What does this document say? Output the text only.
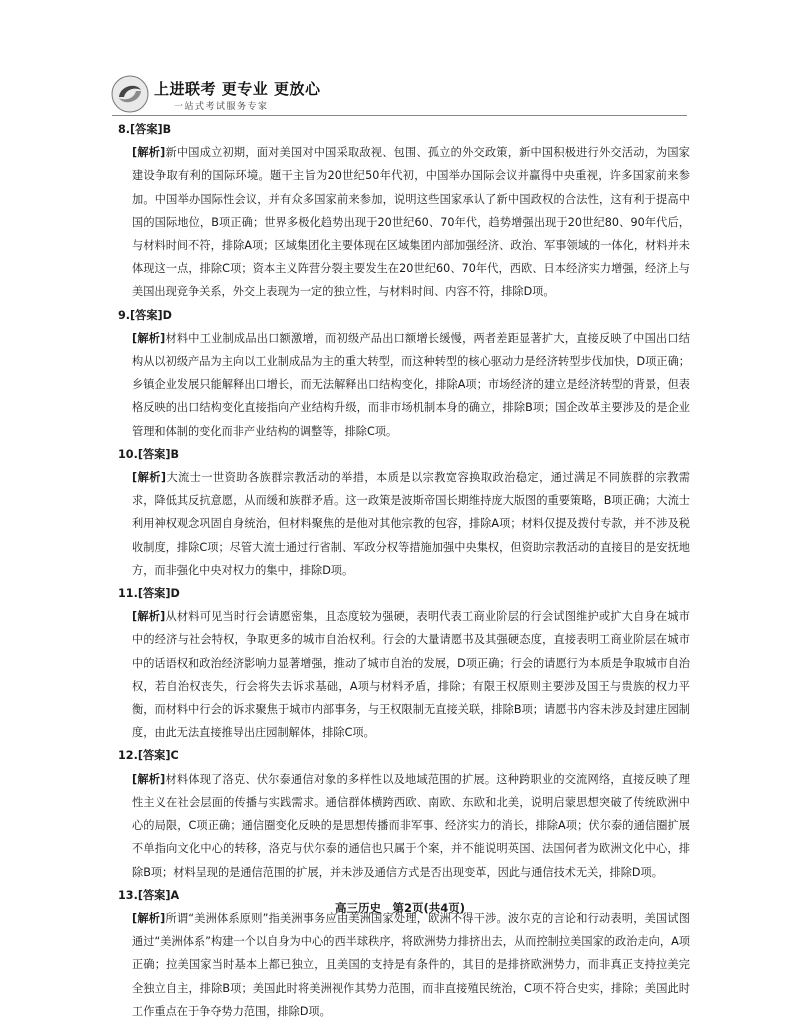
上进联考 更专业 更放心
一站式考试服务专家

8.[答案]B

[解析]新中国成立初期，面对美国对中国采取敌视、包围、孤立的外交政策，新中国积极进行外交活动，为国家建设争取有利的国际环境。题干主旨为20世纪50年代初，中国举办国际会议并赢得中央重视，许多国家前来参加。中国举办国际性会议，并有众多国家前来参加，说明这些国家承认了新中国政权的合法性，这有利于提高中国的国际地位，B项正确；世界多极化趋势出现于20世纪60、70年代，趋势增强出现于20世纪80、90年代后，与材料时间不符，排除A项；区域集团化主要体现在区域集团内部加强经济、政治、军事领域的一体化，材料并未体现这一点，排除C项；资本主义阵营分裂主要发生在20世纪60、70年代，西欧、日本经济实力增强，经济上与美国出现竞争关系，外交上表现为一定的独立性，与材料时间、内容不符，排除D项。

9.[答案]D

[解析]材料中工业制成品出口额激增，而初级产品出口额增长缓慢，两者差距显著扩大，直接反映了中国出口结构从以初级产品为主向以工业制成品为主的重大转型，而这种转型的核心驱动力是经济转型步伐加快，D项正确；乡镇企业发展只能解释出口增长，而无法解释出口结构变化，排除A项；市场经济的建立是经济转型的背景，但表格反映的出口结构变化直接指向产业结构升级，而非市场机制本身的确立，排除B项；国企改革主要涉及的是企业管理和体制的变化而非产业结构的调整等，排除C项。

10.[答案]B

[解析]大流士一世资助各族群宗教活动的举措，本质是以宗教宽容换取政治稳定，通过满足不同族群的宗教需求，降低其反抗意愿，从而缓和族群矛盾。这一政策是波斯帝国长期维持庞大版图的重要策略，B项正确；大流士利用神权观念巩固自身统治，但材料聚焦的是他对其他宗教的包容，排除A项；材料仅提及拨付专款，并不涉及税收制度，排除C项；尽管大流士通过行省制、军政分权等措施加强中央集权，但资助宗教活动的直接目的是安抚地方，而非强化中央对权力的集中，排除D项。

11.[答案]D

[解析]从材料可见当时行会请愿密集，且态度较为强硬，表明代表工商业阶层的行会试图维护或扩大自身在城市中的经济与社会特权，争取更多的城市自治权利。行会的大量请愿书及其强硬态度，直接表明工商业阶层在城市中的话语权和政治经济影响力显著增强，推动了城市自治的发展，D项正确；行会的请愿行为本质是争取城市自治权，若自治权丧失，行会将失去诉求基础，A项与材料矛盾，排除；有限王权原则主要涉及国王与贵族的权力平衡，而材料中行会的诉求聚焦于城市内部事务，与王权限制无直接关联，排除B项；请愿书内容未涉及封建庄园制度，由此无法直接推导出庄园制解体，排除C项。

12.[答案]C

[解析]材料体现了洛克、伏尔泰通信对象的多样性以及地域范围的扩展。这种跨职业的交流网络，直接反映了理性主义在社会层面的传播与实践需求。通信群体横跨西欧、南欧、东欧和北美，说明启蒙思想突破了传统欧洲中心的局限，C项正确；通信圈变化反映的是思想传播而非军事、经济实力的消长，排除A项；伏尔泰的通信圈扩展不单指向文化中心的转移，洛克与伏尔泰的通信也只属于个案，并不能说明英国、法国何者为欧洲文化中心，排除B项；材料呈现的是通信范围的扩展，并未涉及通信方式是否出现变革，因此与通信技术无关，排除D项。

13.[答案]A

[解析]所谓“美洲体系原则”指美洲事务应由美洲国家处理，欧洲不得干涉。波尔克的言论和行动表明，美国试图通过“美洲体系”构建一个以自身为中心的西半球秩序，将欧洲势力排挤出去，从而控制拉美国家的政治走向，A项正确；拉美国家当时基本上都已独立，且美国的支持是有条件的，其目的是排挤欧洲势力，而非真正支持拉美完全独立自主，排除B项；美国此时将美洲视作其势力范围，而非直接殖民统治，C项不符合史实，排除；美国此时工作重点在于争夺势力范围，排除D项。

高三历史　第2页(共4页)
